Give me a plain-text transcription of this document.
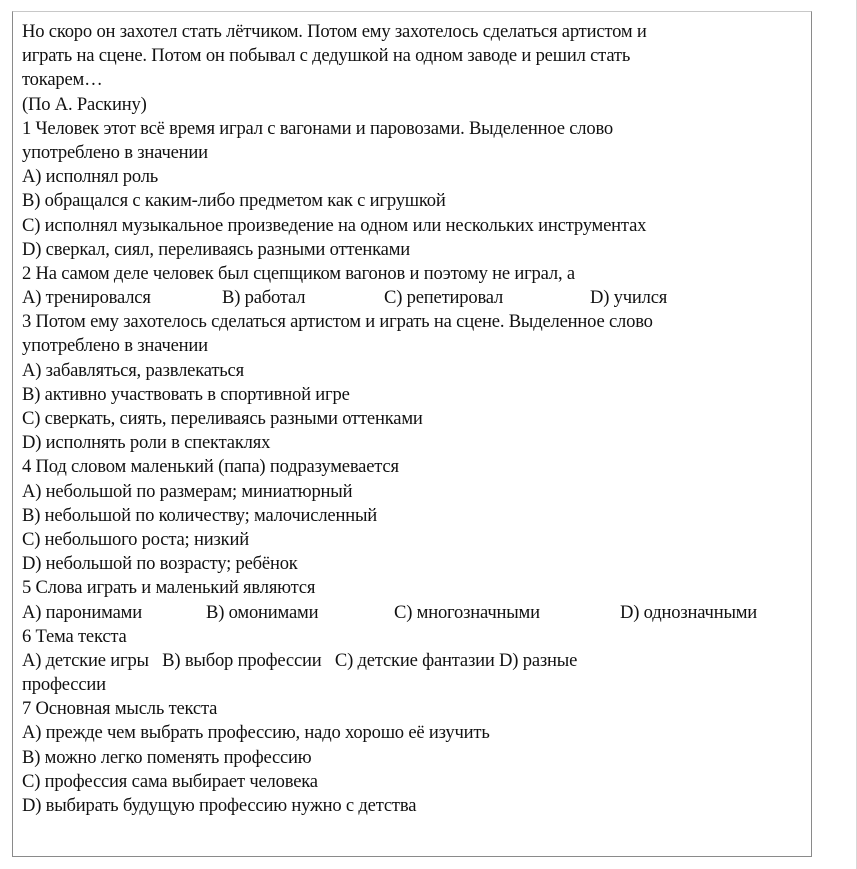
Но скоро он захотел стать лётчиком. Потом ему захотелось сделаться артистом и
играть на сцене. Потом он побывал с дедушкой на одном заводе и решил стать
токарем…
(По А. Раскину)
1 Человек этот всё время играл с вагонами и паровозами. Выделенное слово
употреблено в значении
А) исполнял роль
B) обращался с каким-либо предметом как с игрушкой
C) исполнял музыкальное произведение на одном или нескольких инструментах
D) сверкал, сиял, переливаясь разными оттенками
2 На самом деле человек был сцепщиком вагонов и поэтому не играл, а
А) тренировался	B) работал	C) репетировал	D) учился
3 Потом ему захотелось сделаться артистом и играть на сцене. Выделенное слово
употреблено в значении
А) забавляться, развлекаться
B) активно участвовать в спортивной игре
C) сверкать, сиять, переливаясь разными оттенками
D) исполнять роли в спектаклях
4 Под словом маленький (папа) подразумевается
А) небольшой по размерам; миниатюрный
B) небольшой по количеству; малочисленный
C) небольшого роста; низкий
D) небольшой по возрасту; ребёнок
5 Слова играть и маленький являются
А) паронимами	B) омонимами	C) многозначными	D) однозначными
6 Тема текста
А) детские игры   B) выбор профессии   C) детские фантазии D) разные
профессии
7 Основная мысль текста
А) прежде чем выбрать профессию, надо хорошо её изучить
B) можно легко поменять профессию
C) профессия сама выбирает человека
D) выбирать будущую профессию нужно с детства
